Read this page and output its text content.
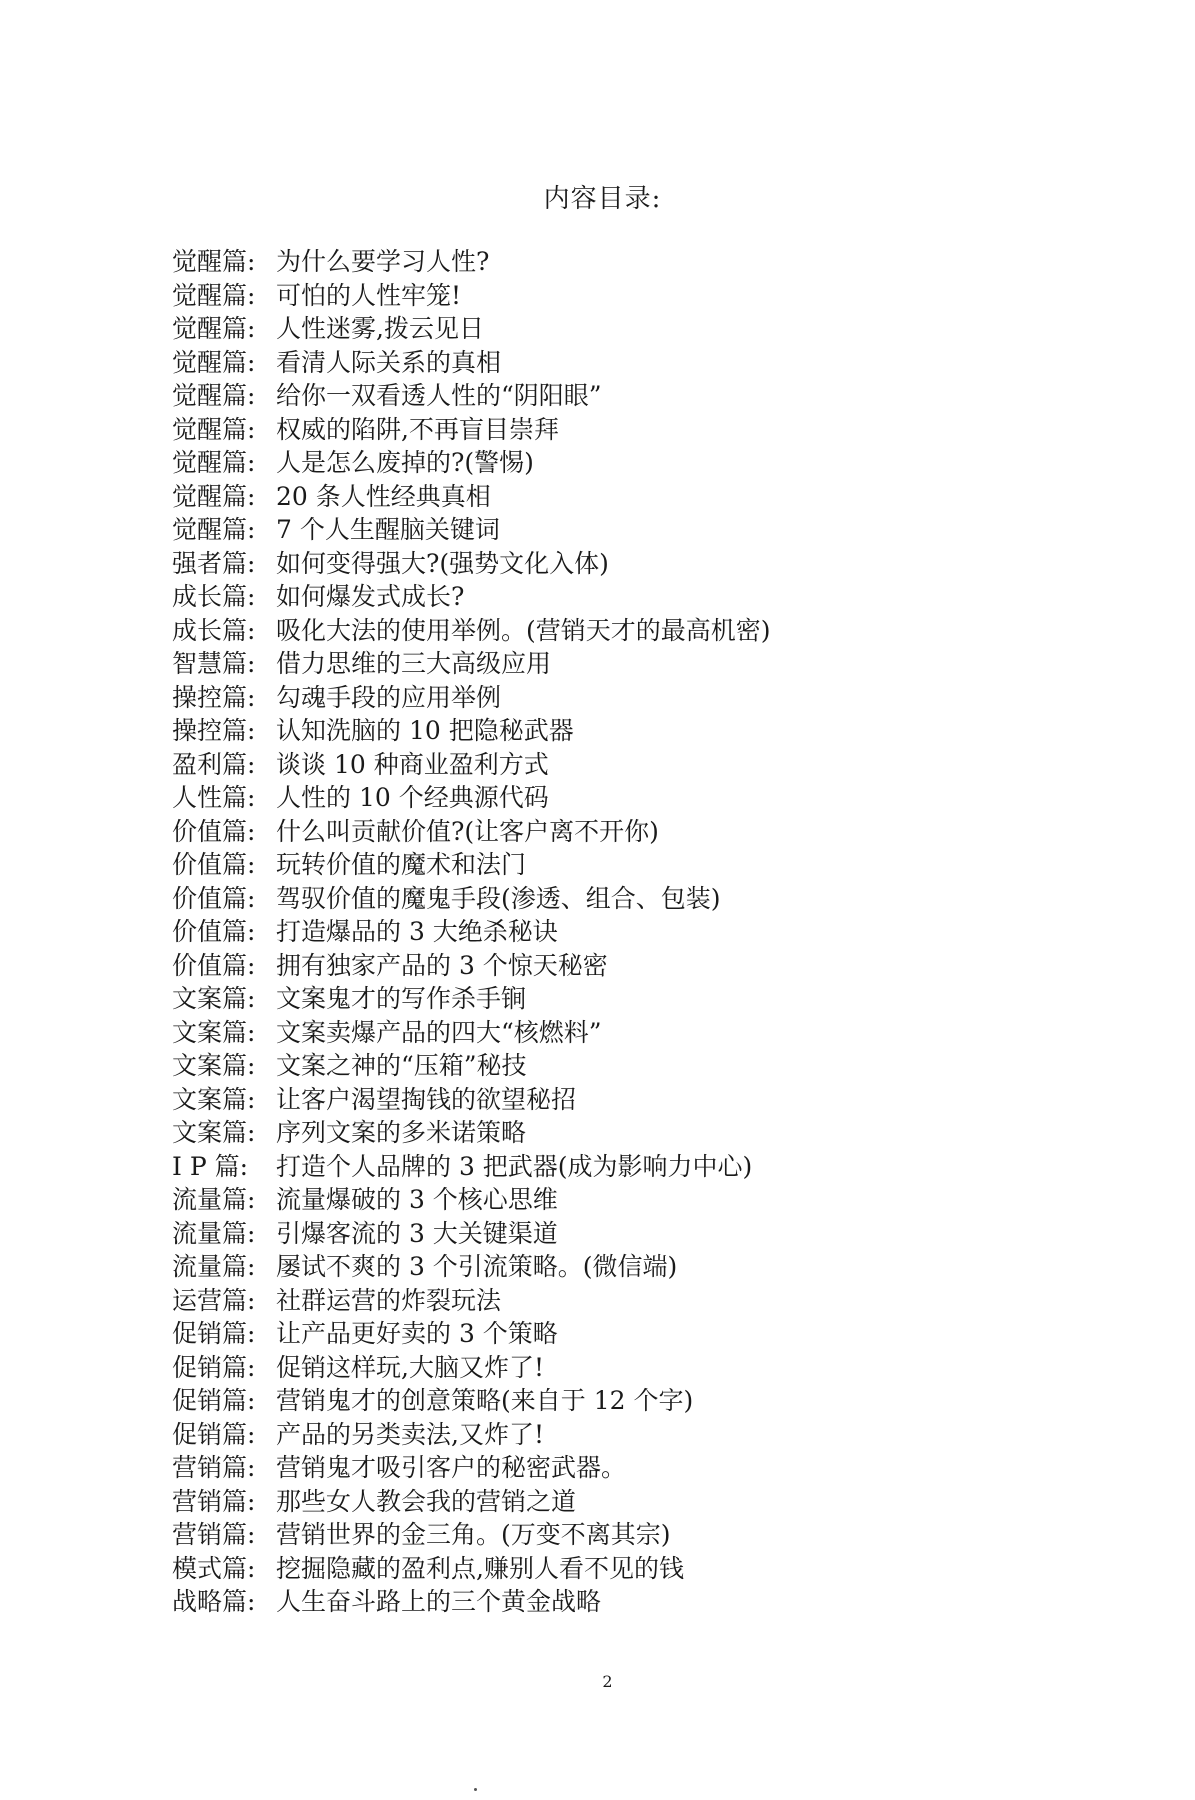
内容目录:
觉醒篇: 为什么要学习人性?
觉醒篇: 可怕的人性牢笼!
觉醒篇: 人性迷雾,拨云见日
觉醒篇: 看清人际关系的真相
觉醒篇: 给你一双看透人性的“阴阳眼”
觉醒篇: 权威的陷阱,不再盲目崇拜
觉醒篇: 人是怎么废掉的?(警惕)
觉醒篇: 20 条人性经典真相
觉醒篇: 7 个人生醒脑关键词
强者篇: 如何变得强大?(强势文化入体)
成长篇: 如何爆发式成长?
成长篇: 吸化大法的使用举例。(营销天才的最高机密)
智慧篇: 借力思维的三大高级应用
操控篇: 勾魂手段的应用举例
操控篇: 认知洗脑的 10 把隐秘武器
盈利篇: 谈谈 10 种商业盈利方式
人性篇: 人性的 10 个经典源代码
价值篇: 什么叫贡献价值?(让客户离不开你)
价值篇: 玩转价值的魔术和法门
价值篇: 驾驭价值的魔鬼手段(渗透、组合、包装)
价值篇: 打造爆品的 3 大绝杀秘诀
价值篇: 拥有独家产品的 3 个惊天秘密
文案篇: 文案鬼才的写作杀手锏
文案篇: 文案卖爆产品的四大“核燃料”
文案篇: 文案之神的“压箱”秘技
文案篇: 让客户渴望掏钱的欲望秘招
文案篇: 序列文案的多米诺策略
I P 篇:	打造个人品牌的 3 把武器(成为影响力中心)
流量篇: 流量爆破的 3 个核心思维
流量篇: 引爆客流的 3 大关键渠道
流量篇: 屡试不爽的 3 个引流策略。(微信端)
运营篇: 社群运营的炸裂玩法
促销篇: 让产品更好卖的 3 个策略
促销篇: 促销这样玩,大脑又炸了!
促销篇: 营销鬼才的创意策略(来自于 12 个字)
促销篇: 产品的另类卖法,又炸了!
营销篇: 营销鬼才吸引客户的秘密武器。
营销篇: 那些女人教会我的营销之道
营销篇: 营销世界的金三角。(万变不离其宗)
模式篇: 挖掘隐藏的盈利点,赚别人看不见的钱
战略篇: 人生奋斗路上的三个黄金战略
2
